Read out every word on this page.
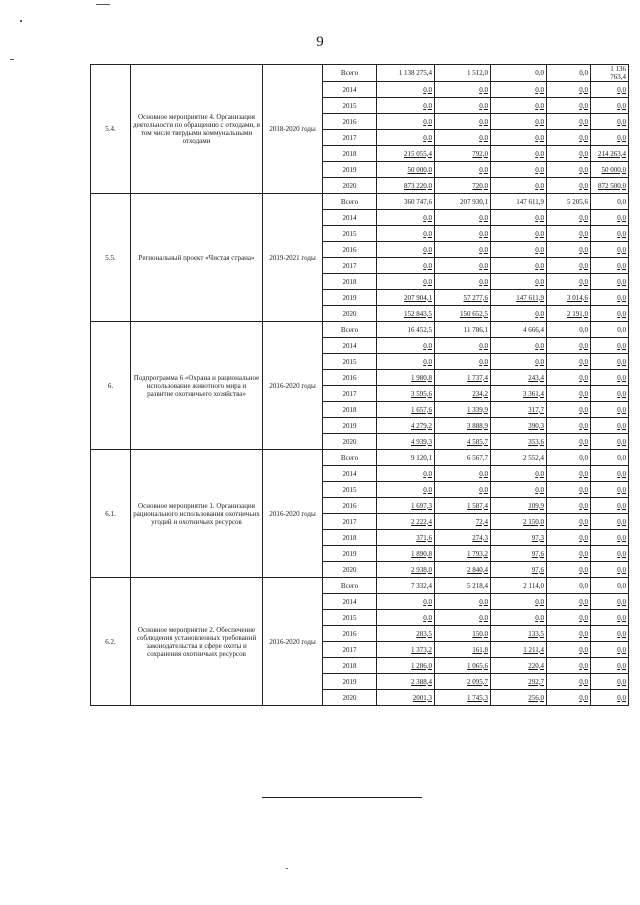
9
5.4.	Основное мероприятие 4. Организация деятельности по обращению с отходами, в том числе твердыми коммунальными отходами	2018-2020 годы	Всего	1 138 275,4	1 512,0	0,0	0,0	1 136 763,4
			2014	0,0	0,0	0,0	0,0	0,0
			2015	0,0	0,0	0,0	0,0	0,0
			2016	0,0	0,0	0,0	0,0	0,0
			2017	0,0	0,0	0,0	0,0	0,0
			2018	215 055,4	792,0	0,0	0,0	214 263,4
			2019	50 000,0	0,0	0,0	0,0	50 000,0
			2020	873 220,0	720,0	0,0	0,0	872 500,0
5.5.	Региональный проект «Чистая страна»	2019-2021 годы	Всего	360 747,6	207 930,1	147 611,9	5 205,6	0,0
			2014	0,0	0,0	0,0	0,0	0,0
			2015	0,0	0,0	0,0	0,0	0,0
			2016	0,0	0,0	0,0	0,0	0,0
			2017	0,0	0,0	0,0	0,0	0,0
			2018	0,0	0,0	0,0	0,0	0,0
			2019	207 904,1	57 277,6	147 611,9	3 014,6	0,0
			2020	152 843,5	150 652,5	0,0	2 191,0	0,0
6.	Подпрограмма 6 «Охрана и рациональное использование животного мира и развитие охотничьего хозяйства»	2016-2020 годы	Всего	16 452,5	11 786,1	4 666,4	0,0	0,0
			2014	0,0	0,0	0,0	0,0	0,0
			2015	0,0	0,0	0,0	0,0	0,0
			2016	1 980,8	1 737,4	243,4	0,0	0,0
			2017	3 595,6	234,2	3 361,4	0,0	0,0
			2018	1 657,6	1 339,9	317,7	0,0	0,0
			2019	4 279,2	3 888,9	390,3	0,0	0,0
			2020	4 939,3	4 585,7	353,6	0,0	0,0
6.1.	Основное мероприятие 1. Организация рационального использования охотничьих угодий и охотничьих ресурсов	2016-2020 годы	Всего	9 120,1	6 567,7	2 552,4	0,0	0,0
			2014	0,0	0,0	0,0	0,0	0,0
			2015	0,0	0,0	0,0	0,0	0,0
			2016	1 697,3	1 587,4	109,9	0,0	0,0
			2017	2 222,4	72,4	2 150,0	0,0	0,0
			2018	371,6	274,3	97,3	0,0	0,0
			2019	1 890,8	1 793,2	97,6	0,0	0,0
			2020	2 938,0	2 840,4	97,6	0,0	0,0
6.2.	Основное мероприятие 2. Обеспечение соблюдения установленных требований законодательства в сфере охоты и сохранения охотничьих ресурсов	2016-2020 годы	Всего	7 332,4	5 218,4	2 114,0	0,0	0,0
			2014	0,0	0,0	0,0	0,0	0,0
			2015	0,0	0,0	0,0	0,0	0,0
			2016	283,5	150,0	133,5	0,0	0,0
			2017	1 373,2	161,8	1 211,4	0,0	0,0
			2018	1 286,0	1 065,6	220,4	0,0	0,0
			2019	2 388,4	2 095,7	292,7	0,0	0,0
			2020	2001,3	1 745,3	256,0	0,0	0,0
